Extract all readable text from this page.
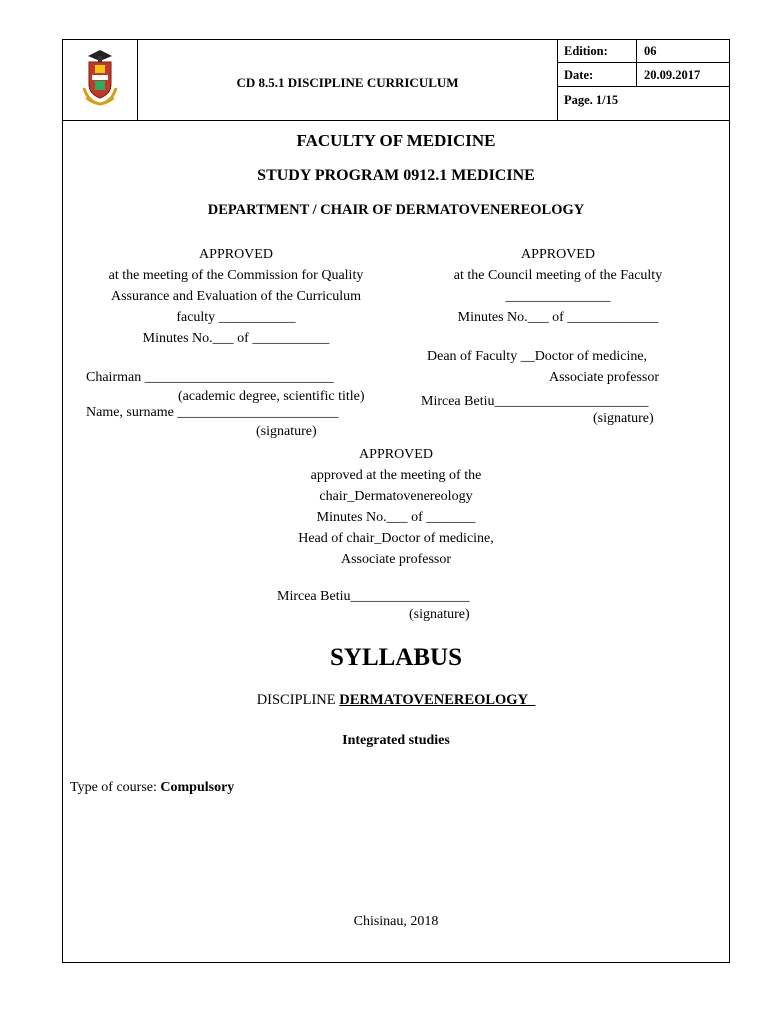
CD 8.5.1 DISCIPLINE CURRICULUM
Edition:	06
Date:	20.09.2017
Page. 1/15
FACULTY OF MEDICINE
STUDY PROGRAM 0912.1 MEDICINE
DEPARTMENT / CHAIR OF DERMATOVENEREOLOGY
APPROVED
at the meeting of the Commission for Quality
Assurance and Evaluation of the Curriculum
faculty ___________
Minutes No.___ of ___________
Chairman ___________________________
(academic degree, scientific title)
Name, surname _______________________
(signature)
APPROVED
at the Council meeting of the Faculty
_______________
Minutes No.___ of _____________
Dean of Faculty __Doctor of medicine,
Associate professor
Mircea Betiu______________________
(signature)
APPROVED
approved at the meeting of the
chair_Dermatovenereology
Minutes No.___ of _______
Head of chair_Doctor of medicine,
Associate professor
Mircea Betiu_________________
(signature)
SYLLABUS
DISCIPLINE DERMATOVENEREOLOGY_
Integrated studies
Type of course: Compulsory
Chisinau, 2018
